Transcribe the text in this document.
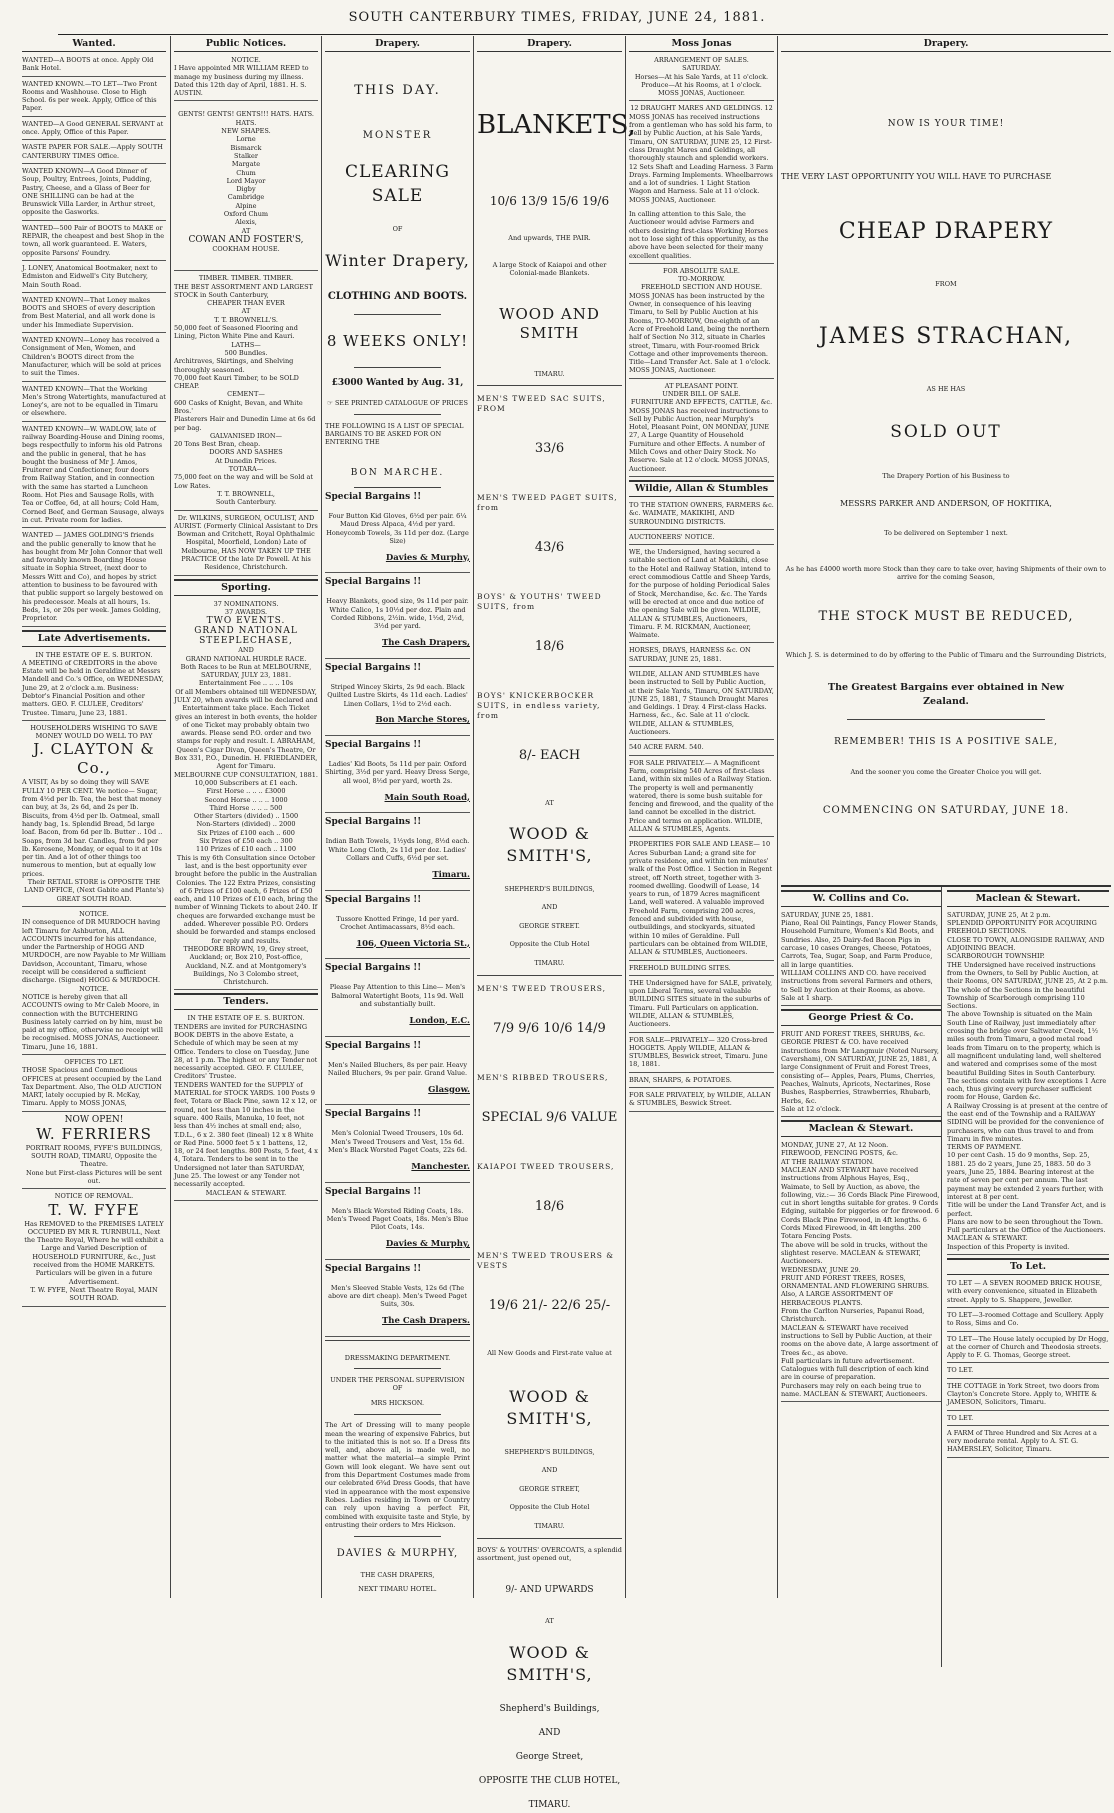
SOUTH CANTERBURY TIMES, FRIDAY, JUNE 24, 1881.
Wanted.

WANTED—A BOOTS at once. Apply Old Bank Hotel.

WANTED KNOWN.—TO LET—Two Front Rooms and Washhouse. Close to High School. 6s per week. Apply, Office of this Paper.

WANTED—A Good GENERAL SERVANT at once. Apply, Office of this Paper.

WASTE PAPER FOR SALE.—Apply SOUTH CANTERBURY TIMES Office.

WANTED KNOWN—A Good Dinner of Soup, Poultry, Entrees, Joints, Pudding, Pastry, Cheese, and a Glass of Beer for ONE SHILLING can be had at the Brunswick Villa Larder, in Arthur street, opposite the Gasworks.

WANTED—500 Pair of BOOTS to MAKE or REPAIR, the cheapest and best Shop in the town, all work guaranteed. E. Waters, opposite Parsons' Foundry.

J. LONEY, Anatomical Bootmaker, next to Edmiston and Eidwell's City Butchery, Main South Road.

WANTED KNOWN—That Loney makes BOOTS and SHOES of every description from Best Material, and all work done is under his Immediate Supervision.

WANTED KNOWN—Loney has received a Consignment of Men, Women, and Children's BOOTS direct from the Manufacturer, which will be sold at prices to suit the Times.

WANTED KNOWN—That the Working Men's Strong Watertights, manufactured at Loney's, are not to be equalled in Timaru or elsewhere.

WANTED KNOWN—W. WADLOW, late of railway Boarding-House and Dining rooms, begs respectfully to inform his old Patrons and the public in general, that he has bought the business of Mr J. Amos, Fruiterer and Confectioner, four doors from Railway Station, and in connection with the same has started a Luncheon Room. Hot Pies and Sausage Rolls, with Tea or Coffee, 6d, at all hours; Cold Ham, Corned Beef, and German Sausage, always in cut. Private room for ladies.

WANTED — JAMES GOLDING'S friends and the public generally to know that he has bought from Mr John Connor that well and favorably known Boarding House situate in Sophia Street, (next door to Messrs Witt and Co), and hopes by strict attention to business to be favoured with that public support so largely bestowed on his predecessor. Meals at all hours, 1s. Beds, 1s, or 20s per week. James Golding, Proprietor.

Late Advertisements.

IN THE ESTATE OF E. S. BURTON.

A MEETING of CREDITORS in the above Estate will be held in Geraldine at Messrs Mandell and Co.'s Office, on WEDNESDAY, June 29, at 2 o'clock a.m. Business: Debtor's Financial Position and other matters. GEO. F. CLULEE, Creditors' Trustee. Timaru, June 23, 1881.

HOUSEHOLDERS WISHING TO SAVE MONEY WOULD DO WELL TO PAY

J. CLAYTON & Co.,

A VISIT, As by so doing they will SAVE FULLY 10 PER CENT. We notice— Sugar, from 4½d per lb. Tea, the best that money can buy, at 3s, 2s 6d, and 2s per lb. Biscuits, from 4½d per lb. Oatmeal, small handy bag, 1s. Splendid Bread, 5d large loaf. Bacon, from 6d per lb. Butter .. 10d .. Soaps, from 3d bar. Candles, from 9d per lb. Kerosene, Monday, or equal to it at 10s per tin. And a lot of other things too numerous to mention, but at equally low prices.

Their RETAIL STORE is OPPOSITE THE LAND OFFICE, (Next Gabite and Plante's) GREAT SOUTH ROAD.

NOTICE.

IN consequence of DR MURDOCH having left Timaru for Ashburton, ALL ACCOUNTS incurred for his attendance, under the Partnership of HOGG AND MURDOCH, are now Payable to Mr William Davidson, Accountant, Timaru, whose receipt will be considered a sufficient discharge. (Signed) HOGG & MURDOCH.

NOTICE.

NOTICE is hereby given that all ACCOUNTS owing to Mr Caleb Moore, in connection with the BUTCHERING Business lately carried on by him, must be paid at my office, otherwise no receipt will be recognised. MOSS JONAS, Auctioneer. Timaru, June 16, 1881.

OFFICES TO LET.

THOSE Spacious and Commodious OFFICES at present occupied by the Land Tax Department. Also, The OLD AUCTION MART, lately occupied by R. McKay, Timaru. Apply to MOSS JONAS,

NOW OPEN!

W. FERRIERS

PORTRAIT ROOMS, FYFE'S BUILDINGS, SOUTH ROAD, TIMARU, Opposite the Theatre.

None but First-class Pictures will be sent out.

NOTICE OF REMOVAL.

T. W. FYFE

Has REMOVED to the PREMISES LATELY OCCUPIED BY MR R. TURNBULL, Next the Theatre Royal, Where he will exhibit a Large and Varied Description of HOUSEHOLD FURNITURE, &c., Just received from the HOME MARKETS.

Particulars will be given in a future Advertisement.

T. W. FYFE, Next Theatre Royal, MAIN SOUTH ROAD.

Public Notices.

NOTICE.

I Have appointed MR WILLIAM REED to manage my business during my illness. Dated this 12th day of April, 1881. H. S. AUSTIN.

GENTS! GENTS! GENTS!!! HATS. HATS. HATS.

NEW SHAPES.

Lorne

Bismarck

Stalker

Margate

Chum

Lord Mayor

Digby

Cambridge

Alpine

Oxford Chum

Alexis,

AT

COWAN AND FOSTER'S,

COOKHAM HOUSE.

TIMBER. TIMBER. TIMBER.

THE BEST ASSORTMENT AND LARGEST STOCK in South Canterbury,

CHEAPER THAN EVER

AT

T. T. BROWNELL'S.

50,000 feet of Seasoned Flooring and Lining, Picton White Pine and Kauri.

LATHS—

500 Bundles.

Architraves, Skirtings, and Shelving thoroughly seasoned.

70,000 feet Kauri Timber, to be SOLD CHEAP.

CEMENT—

600 Casks of Knight, Bevan, and White Bros.'

Plasterers Hair and Dunedin Lime at 6s 6d per bag.

GALVANISED IRON—

20 Tons Best Bran, cheap.

DOORS AND SASHES

At Dunedin Prices.

TOTARA—

75,000 feet on the way and will be Sold at Low Rates.

T. T. BROWNELL,

South Canterbury.

Dr. WILKINS, SURGEON, OCULIST, AND AURIST. (Formerly Clinical Assistant to Drs Bowman and Critchett, Royal Ophthalmic Hospital, Moorfield, London) Late of Melbourne, HAS NOW TAKEN UP THE PRACTICE Of the late Dr Powell. At his Residence, Christchurch.

Sporting.

37 NOMINATIONS.

37 AWARDS.

TWO EVENTS.

GRAND NATIONAL STEEPLECHASE,

AND

GRAND NATIONAL HURDLE RACE.

Both Races to be Run at MELBOURNE, SATURDAY, JULY 23, 1881.

Entertainment Fee .. .. .. 10s

Of all Members obtained till WEDNESDAY, JULY 20, when awards will be declared and Entertainment take place. Each Ticket gives an interest in both events, the holder of one Ticket may probably obtain two awards. Please send P.O. order and two stamps for reply and result. I. ABRAHAM, Queen's Cigar Divan, Queen's Theatre, Or Box 331, P.O., Dunedin. H. FRIEDLANDER, Agent for Timaru.

MELBOURNE CUP CONSULTATION, 1881.

10,000 Subscribers at £1 each.

First Horse .. .. .. £3000

Second Horse .. .. .. 1000

Third Horse .. .. .. 500

Other Starters (divided) .. 1500

Non-Starters (divided) .. 2000

Six Prizes of £100 each .. 600

Six Prizes of £50 each .. 300

110 Prizes of £10 each .. 1100

This is my 6th Consultation since October last, and is the best opportunity ever brought before the public in the Australian Colonies. The 122 Extra Prizes, consisting of 6 Prizes of £100 each, 6 Prizes of £50 each, and 110 Prizes of £10 each, bring the number of Winning Tickets to about 240. If cheques are forwarded exchange must be added. Wherever possible P.O. Orders should be forwarded and stamps enclosed for reply and results.

THEODORE BROWN, 19, Grey street, Auckland; or, Box 210, Post-office, Auckland, N.Z. and at Montgomery's Buildings, No 3 Colombo street, Christchurch.

Tenders.

IN THE ESTATE OF E. S. BURTON.

TENDERS are invited for PURCHASING BOOK DEBTS in the above Estate, a Schedule of which may be seen at my Office. Tenders to close on Tuesday, June 28, at 1 p.m. The highest or any Tender not necessarily accepted. GEO. F. CLULEE, Creditors' Trustee.

TENDERS WANTED for the SUPPLY of MATERIAL for STOCK YARDS. 100 Posts 9 feet, Totara or Black Pine, sawn 12 x 12, or round, not less than 10 inches in the square. 400 Rails, Manuka, 10 feet, not less than 4½ inches at small end; also, T.D.L., 6 x 2. 380 feet (lineal) 12 x 8 White or Red Pine. 5000 feet 5 x 1 battens, 12, 18, or 24 feet lengths. 800 Posts, 5 feet, 4 x 4, Totara. Tenders to be sent in to the Undersigned not later than SATURDAY, June 25. The lowest or any Tender not necessarily accepted.

MACLEAN & STEWART.

Drapery.

THIS DAY.

MONSTER

CLEARING SALE

OF

Winter Drapery,

CLOTHING AND BOOTS.

8 WEEKS ONLY!

£3000 Wanted by Aug. 31,

☞ SEE PRINTED CATALOGUE OF PRICES

THE FOLLOWING IS A LIST OF SPECIAL BARGAINS TO BE ASKED FOR ON ENTERING THE

BON MARCHE.

Special Bargains !!

Four Button Kid Gloves, 6½d per pair. 6¼ Maud Dress Alpaca, 4½d per yard. Honeycomb Towels, 3s 11d per doz. (Large Size)

Davies & Murphy,

Special Bargains !!

Heavy Blankets, good size, 9s 11d per pair. White Calico, 1s 10½d per doz. Plain and Corded Ribbons, 2½in. wide, 1½d, 2½d, 3½d per yard.

The Cash Drapers,

Special Bargains !!

Striped Wincey Skirts, 2s 9d each. Black Quilted Lustre Skirts, 4s 11d each. Ladies' Linen Collars, 1½d to 2½d each.

Bon Marche Stores,

Special Bargains !!

Ladies' Kid Boots, 5s 11d per pair. Oxford Shirting, 3½d per yard. Heavy Dress Serge, all wool, 8½d per yard, worth 2s.

Main South Road,

Special Bargains !!

Indian Bath Towels, 1½yds long, 8½d each. White Long Cloth, 2s 11d per doz. Ladies' Collars and Cuffs, 6½d per set.

Timaru.

Special Bargains !!

Tussore Knotted Fringe, 1d per yard. Crochet Antimacassars, 8½d each.

106, Queen Victoria St.,

Special Bargains !!

Please Pay Attention to this Line— Men's Balmoral Watertight Boots, 11s 9d. Well and substantially built.

London, E.C.

Special Bargains !!

Men's Nailed Bluchers, 8s per pair. Heavy Nailed Bluchers, 9s per pair. Grand Value.

Glasgow.

Special Bargains !!

Men's Colonial Tweed Trousers, 10s 6d. Men's Tweed Trousers and Vest, 15s 6d. Men's Black Worsted Paget Coats, 22s 6d.

Manchester.

Special Bargains !!

Men's Black Worsted Riding Coats, 18s. Men's Tweed Paget Coats, 18s. Men's Blue Pilot Coats, 14s.

Davies & Murphy,

Special Bargains !!

Men's Sleeved Stable Vests, 12s 6d (The above are dirt cheap). Men's Tweed Paget Suits, 30s.

The Cash Drapers.

DRESSMAKING DEPARTMENT.

UNDER THE PERSONAL SUPERVISION OF

MRS HICKSON.

The Art of Dressing will to many people mean the wearing of expensive Fabrics, but to the initiated this is not so. If a Dress fits well, and, above all, is made well, no matter what the material—a simple Print Gown will look elegant. We have sent out from this Department Costumes made from our celebrated 6¾d Dress Goods, that have vied in appearance with the most expensive Robes. Ladies residing in Town or Country can rely upon having a perfect Fit, combined with exquisite taste and Style, by entrusting their orders to Mrs Hickson.

DAVIES & MURPHY,

THE CASH DRAPERS,

NEXT TIMARU HOTEL.

Drapery.

BLANKETS,

10/6 13/9 15/6 19/6

And upwards, THE PAIR.

A large Stock of Kaiapoi and other Colonial-made Blankets.

WOOD AND SMITH

TIMARU.

MEN'S TWEED SAC SUITS, FROM

33/6

MEN'S TWEED PAGET SUITS, from

43/6

BOYS' & YOUTHS' TWEED SUITS, from

18/6

BOYS' KNICKERBOCKER SUITS, in endless variety, from

8/- EACH

AT

WOOD & SMITH'S,

SHEPHERD'S BUILDINGS,

AND

GEORGE STREET.

Opposite the Club Hotel

TIMARU.

MEN'S TWEED TROUSERS,

7/9 9/6 10/6 14/9

MEN'S RIBBED TROUSERS,

SPECIAL 9/6 VALUE

KAIAPOI TWEED TROUSERS,

18/6

MEN'S TWEED TROUSERS & VESTS

19/6 21/- 22/6 25/-

All New Goods and First-rate value at

WOOD & SMITH'S,

SHEPHERD'S BUILDINGS,

AND

GEORGE STREET,

Opposite the Club Hotel

TIMARU.

BOYS' & YOUTHS' OVERCOATS, a splendid assortment, just opened out,

9/- AND UPWARDS

AT

WOOD & SMITH'S,

Shepherd's Buildings,

AND

George Street,

OPPOSITE THE CLUB HOTEL,

TIMARU.

Moss Jonas

ARRANGEMENT OF SALES.

SATURDAY.

Horses—At his Sale Yards, at 11 o'clock.

Produce—At his Rooms, at 1 o'clock.

MOSS JONAS, Auctioneer.

12 DRAUGHT MARES AND GELDINGS. 12

MOSS JONAS has received instructions from a gentleman who has sold his farm, to Sell by Public Auction, at his Sale Yards, Timaru, ON SATURDAY, JUNE 25, 12 First-class Draught Mares and Geldings, all thoroughly staunch and splendid workers. 12 Sets Shaft and Leading Harness. 3 Farm Drays. Farming Implements. Wheelbarrows and a lot of sundries. 1 Light Station Wagon and Harness. Sale at 11 o'clock. MOSS JONAS, Auctioneer.

In calling attention to this Sale, the Auctioneer would advise Farmers and others desiring first-class Working Horses not to lose sight of this opportunity, as the above have been selected for their many excellent qualities.

FOR ABSOLUTE SALE.

TO-MORROW.

FREEHOLD SECTION AND HOUSE.

MOSS JONAS has been instructed by the Owner, in consequence of his leaving Timaru, to Sell by Public Auction at his Rooms, TO-MORROW, One-eighth of an Acre of Freehold Land, being the northern half of Section No 312, situate in Charles street, Timaru, with Four-roomed Brick Cottage and other improvements thereon. Title—Land Transfer Act. Sale at 1 o'clock. MOSS JONAS, Auctioneer.

AT PLEASANT POINT.

UNDER BILL OF SALE.

FURNITURE AND EFFECTS, CATTLE, &c.

MOSS JONAS has received instructions to Sell by Public Auction, near Murphy's Hotel, Pleasant Point, ON MONDAY, JUNE 27, A Large Quantity of Household Furniture and other Effects. A number of Milch Cows and other Dairy Stock. No Reserve. Sale at 12 o'clock. MOSS JONAS, Auctioneer.

Wildie, Allan & Stumbles

TO THE STATION OWNERS, FARMERS &c. &c. WAIMATE, MAKIKIHI, AND SURROUNDING DISTRICTS.

AUCTIONEERS' NOTICE.

WE, the Undersigned, having secured a suitable section of Land at Makikihi, close to the Hotel and Railway Station, intend to erect commodious Cattle and Sheep Yards, for the purpose of holding Periodical Sales of Stock, Merchandise, &c. &c. The Yards will be erected at once and due notice of the opening Sale will be given. WILDIE, ALLAN & STUMBLES, Auctioneers, Timaru. F. M. RICKMAN, Auctioneer, Waimate.

HORSES, DRAYS, HARNESS &c. ON SATURDAY, JUNE 25, 1881.

WILDIE, ALLAN AND STUMBLES have been instructed to Sell by Public Auction, at their Sale Yards, Timaru, ON SATURDAY, JUNE 25, 1881, 7 Staunch Draught Mares and Geldings. 1 Dray. 4 First-class Hacks. Harness, &c., &c. Sale at 11 o'clock. WILDIE, ALLAN & STUMBLES, Auctioneers.

540 ACRE FARM. 540.

FOR SALE PRIVATELY.— A Magnificent Farm, comprising 540 Acres of first-class Land, within six miles of a Railway Station. The property is well and permanently watered, there is some bush suitable for fencing and firewood, and the quality of the land cannot be excelled in the district. Price and terms on application. WILDIE, ALLAN & STUMBLES, Agents.

PROPERTIES FOR SALE AND LEASE— 10 Acres Suburban Land; a grand site for private residence, and within ten minutes' walk of the Post Office. 1 Section in Regent street, off North street, together with 3-roomed dwelling. Goodwill of Lease, 14 years to run, of 1879 Acres magnificent Land, well watered. A valuable improved Freehold Farm, comprising 200 acres, fenced and subdivided with house, outbuildings, and stockyards, situated within 10 miles of Geraldine. Full particulars can be obtained from WILDIE, ALLAN & STUMBLES, Auctioneers.

FREEHOLD BUILDING SITES.

THE Undersigned have for SALE, privately, upon Liberal Terms, several valuable BUILDING SITES situate in the suburbs of Timaru. Full Particulars on application. WILDIE, ALLAN & STUMBLES, Auctioneers.

FOR SALE—PRIVATELY— 320 Cross-bred HOGGETS. Apply WILDIE, ALLAN & STUMBLES, Beswick street, Timaru. June 18, 1881.

BRAN, SHARPS, & POTATOES.

FOR SALE PRIVATELY, by WILDIE, ALLAN & STUMBLES, Beswick Street.

Drapery.

NOW IS YOUR TIME!

THE VERY LAST OPPORTUNITY YOU WILL HAVE TO PURCHASE

CHEAP DRAPERY

FROM

JAMES STRACHAN,

AS HE HAS

SOLD OUT

The Drapery Portion of his Business to

MESSRS PARKER AND ANDERSON, OF HOKITIKA,

To be delivered on September 1 next.

As he has £4000 worth more Stock than they care to take over, having Shipments of their own to arrive for the coming Season,

THE STOCK MUST BE REDUCED,

Which J. S. is determined to do by offering to the Public of Timaru and the Surrounding Districts,

The Greatest Bargains ever obtained in New Zealand.

REMEMBER! THIS IS A POSITIVE SALE,

And the sooner you come the Greater Choice you will get.

COMMENCING ON SATURDAY, JUNE 18.

W. Collins and Co.

SATURDAY, JUNE 25, 1881.

Piano, Real Oil Paintings, Fancy Flower Stands, Household Furniture, Women's Kid Boots, and Sundries. Also, 25 Dairy-fed Bacon Pigs in carcase, 10 cases Oranges, Cheese, Potatoes, Carrots, Tea, Sugar, Soap, and Farm Produce, all in large quantities.

WILLIAM COLLINS AND CO. have received instructions from several Farmers and others, to Sell by Auction at their Rooms, as above.

Sale at 1 sharp.

George Priest & Co.

FRUIT AND FOREST TREES, SHRUBS, &c.

GEORGE PRIEST & CO. have received instructions from Mr Langmuir (Noted Nursery, Caversham), ON SATURDAY, JUNE 25, 1881, A large Consignment of Fruit and Forest Trees, consisting of— Apples, Pears, Plums, Cherries, Peaches, Walnuts, Apricots, Nectarines, Rose Bushes, Raspberries, Strawberries, Rhubarb, Herbs, &c.

Sale at 12 o'clock.

Maclean & Stewart.

MONDAY, JUNE 27, At 12 Noon.

FIREWOOD, FENCING POSTS, &c.

AT THE RAILWAY STATION.

MACLEAN AND STEWART have received instructions from Alphous Hayes, Esq., Waimate, to Sell by Auction, as above, the following, viz.:— 36 Cords Black Pine Firewood, cut in short lengths suitable for grates. 9 Cords Edging, suitable for piggeries or for firewood. 6 Cords Black Pine Firewood, in 4ft lengths. 6 Cords Mixed Firewood, in 4ft lengths. 200 Totara Fencing Posts.

The above will be sold in trucks, without the slightest reserve. MACLEAN & STEWART, Auctioneers.

WEDNESDAY, JUNE 29.

FRUIT AND FOREST TREES, ROSES, ORNAMENTAL AND FLOWERING SHRUBS.

Also, A LARGE ASSORTMENT OF HERBACEOUS PLANTS.

From the Carlton Nurseries, Papanui Road, Christchurch.

MACLEAN & STEWART have received instructions to Sell by Public Auction, at their rooms on the above date, A large assortment of Trees &c., as above.

Full particulars in future advertisement.

Catalogues with full description of each kind are in course of preparation.

Purchasers may rely on each being true to name. MACLEAN & STEWART, Auctioneers.

Maclean & Stewart.

SATURDAY, JUNE 25, At 2 p.m.

SPLENDID OPPORTUNITY FOR ACQUIRING FREEHOLD SECTIONS.

CLOSE TO TOWN, ALONGSIDE RAILWAY, AND ADJOINING BEACH.

SCARBOROUGH TOWNSHIP.

THE Undersigned have received instructions from the Owners, to Sell by Public Auction, at their Rooms, ON SATURDAY, JUNE 25, At 2 p.m. The whole of the Sections in the beautiful Township of Scarborough comprising 110 Sections.

The above Township is situated on the Main South Line of Railway, just immediately after crossing the bridge over Saltwater Creek, 1½ miles south from Timaru, a good metal road leads from Timaru on to the property, which is all magnificent undulating land, well sheltered and watered and comprises some of the most beautiful Building Sites in South Canterbury. The sections contain with few exceptions 1 Acre each, thus giving every purchaser sufficient room for House, Garden &c.

A Railway Crossing is at present at the centre of the east end of the Township and a RAILWAY SIDING will be provided for the convenience of purchasers, who can thus travel to and from Timaru in five minutes.

TERMS OF PAYMENT.

10 per cent Cash. 15 do 9 months, Sep. 25, 1881. 25 do 2 years, June 25, 1883. 50 do 3 years, June 25, 1884. Bearing interest at the rate of seven per cent per annum. The last payment may be extended 2 years further, with interest at 8 per cent.

Title will be under the Land Transfer Act, and is perfect.

Plans are now to be seen throughout the Town. Full particulars at the Office of the Auctioneers. MACLEAN & STEWART.

Inspection of this Property is invited.

To Let.

TO LET — A SEVEN ROOMED BRICK HOUSE, with every convenience, situated in Elizabeth street. Apply to S. Shappere, Jeweller.

TO LET—3-roomed Cottage and Scullery. Apply to Ross, Sims and Co.

TO LET—The House lately occupied by Dr Hogg, at the corner of Church and Theodosia streets. Apply to F. G. Thomas, George street.

TO LET.

THE COTTAGE in York Street, two doors from Clayton's Concrete Store. Apply to, WHITE & JAMESON, Solicitors, Timaru.

TO LET.

A FARM of Three Hundred and Six Acres at a very moderate rental. Apply to A. ST. G. HAMERSLEY, Solicitor, Timaru.
